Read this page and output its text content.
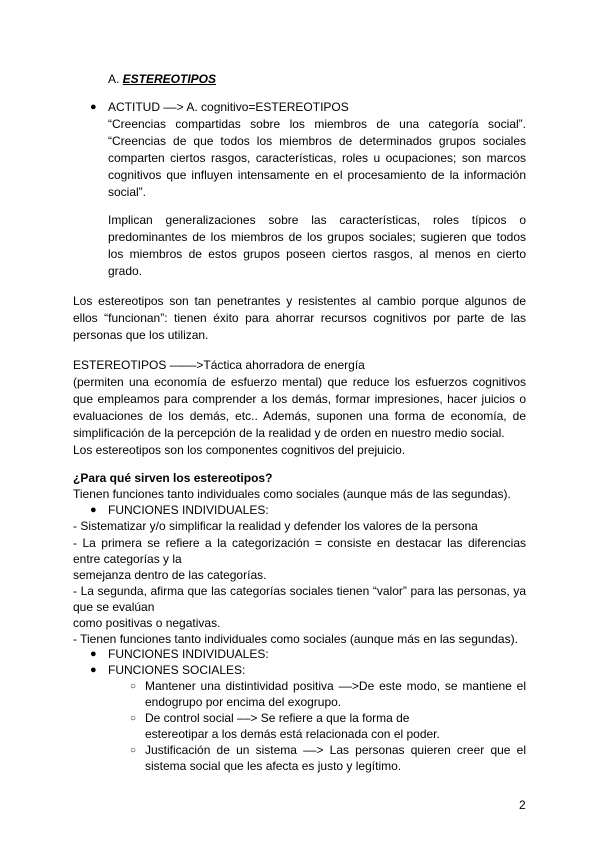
A. ESTEREOTIPOS
● ACTITUD ––> A. cognitivo=ESTEREOTIPOS
“Creencias compartidas sobre los miembros de una categoría social”.
“Creencias de que todos los miembros de determinados grupos sociales
comparten ciertos rasgos, características, roles u ocupaciones; son marcos
cognitivos que influyen intensamente en el procesamiento de la información
social”.
Implican generalizaciones sobre las características, roles típicos o
predominantes de los miembros de los grupos sociales; sugieren que todos
los miembros de estos grupos poseen ciertos rasgos, al menos en cierto
grado.
Los estereotipos son tan penetrantes y resistentes al cambio porque algunos de
ellos “funcionan”: tienen éxito para ahorrar recursos cognitivos por parte de las
personas que los utilizan.
ESTEREOTIPOS ––––>Táctica ahorradora de energía
(permiten una economía de esfuerzo mental) que reduce los esfuerzos cognitivos
que empleamos para comprender a los demás, formar impresiones, hacer juicios o
evaluaciones de los demás, etc.. Además, suponen una forma de economía, de
simplificación de la percepción de la realidad y de orden en nuestro medio social.
Los estereotipos son los componentes cognitivos del prejuicio.
¿Para qué sirven los estereotipos?
Tienen funciones tanto individuales como sociales (aunque más de las segundas).
● FUNCIONES INDIVIDUALES:
- Sistematizar y/o simplificar la realidad y defender los valores de la persona
- La primera se refiere a la categorización = consiste en destacar las diferencias
entre categorías y la
semejanza dentro de las categorías.
- La segunda, afirma que las categorías sociales tienen “valor” para las personas, ya
que se evalúan
como positivas o negativas.
- Tienen funciones tanto individuales como sociales (aunque más en las segundas).
● FUNCIONES INDIVIDUALES:
● FUNCIONES SOCIALES:
○ Mantener una distintividad positiva ––>De este modo, se mantiene el
endogrupo por encima del exogrupo.
○ De control social ––> Se refiere a que la forma de
estereotipar a los demás está relacionada con el poder.
○ Justificación de un sistema ––> Las personas quieren creer que el
sistema social que les afecta es justo y legítimo.
2
